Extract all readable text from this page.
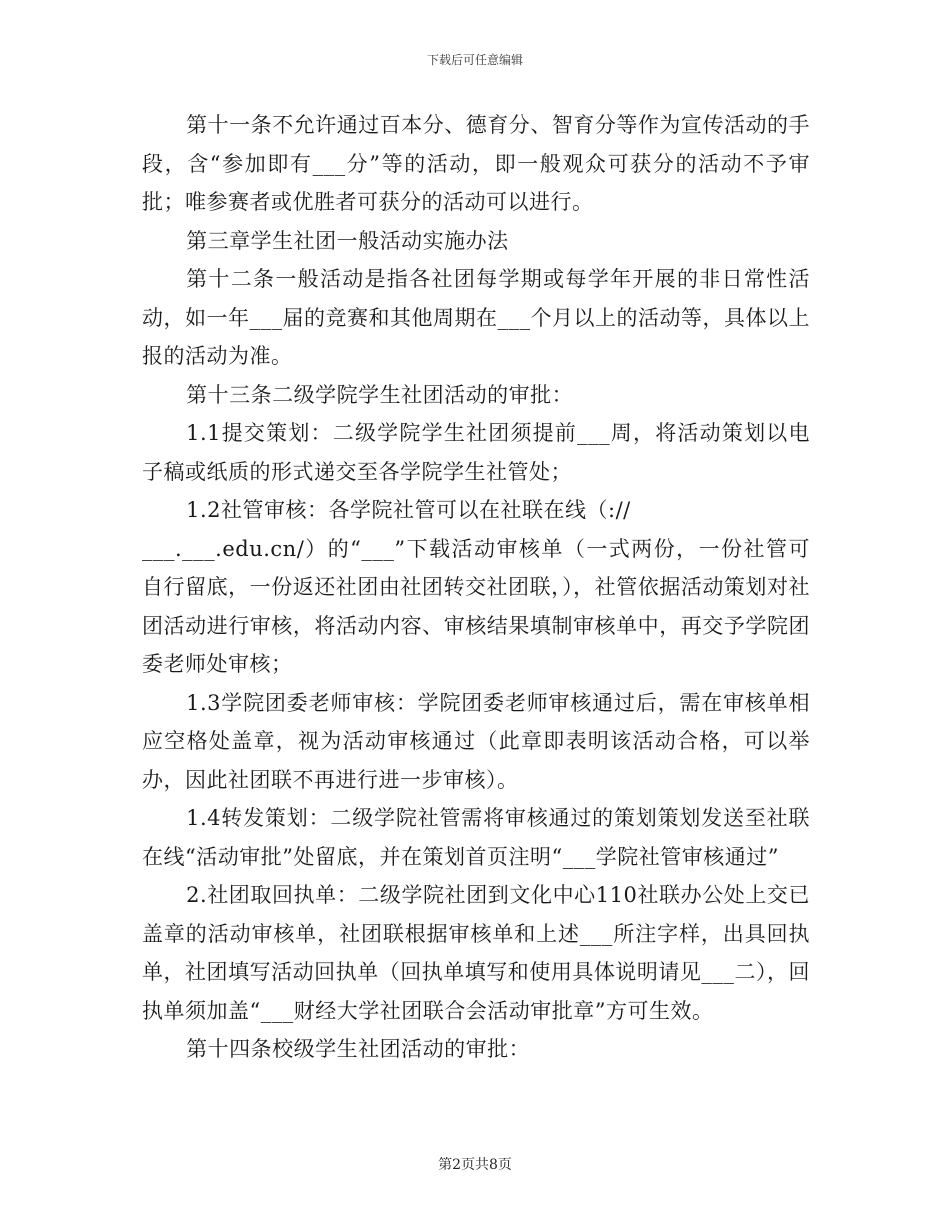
下载后可任意编辑

第十一条不允许通过百本分、德育分、智育分等作为宣传活动的手段，含“参加即有___分”等的活动，即一般观众可获分的活动不予审批；唯参赛者或优胜者可获分的活动可以进行。

第三章学生社团一般活动实施办法

第十二条一般活动是指各社团每学期或每学年开展的非日常性活动，如一年___届的竞赛和其他周期在___个月以上的活动等，具体以上报的活动为准。

第十三条二级学院学生社团活动的审批：

1.1提交策划：二级学院学生社团须提前___周，将活动策划以电子稿或纸质的形式递交至各学院学生社管处；

1.2社管审核：各学院社管可以在社联在线（://
___.___.edu.cn/）的“___”下载活动审核单（一式两份，一份社管可自行留底，一份返还社团由社团转交社团联，），社管依据活动策划对社团活动进行审核，将活动内容、审核结果填制审核单中，再交予学院团委老师处审核；

1.3学院团委老师审核：学院团委老师审核通过后，需在审核单相应空格处盖章，视为活动审核通过（此章即表明该活动合格，可以举办，因此社团联不再进行进一步审核）。

1.4转发策划：二级学院社管需将审核通过的策划策划发送至社联在线“活动审批”处留底，并在策划首页注明“___学院社管审核通过”

2.社团取回执单：二级学院社团到文化中心110社联办公处上交已盖章的活动审核单，社团联根据审核单和上述___所注字样，出具回执单，社团填写活动回执单（回执单填写和使用具体说明请见___二），回执单须加盖“___财经大学社团联合会活动审批章”方可生效。

第十四条校级学生社团活动的审批：

第2页共8页
